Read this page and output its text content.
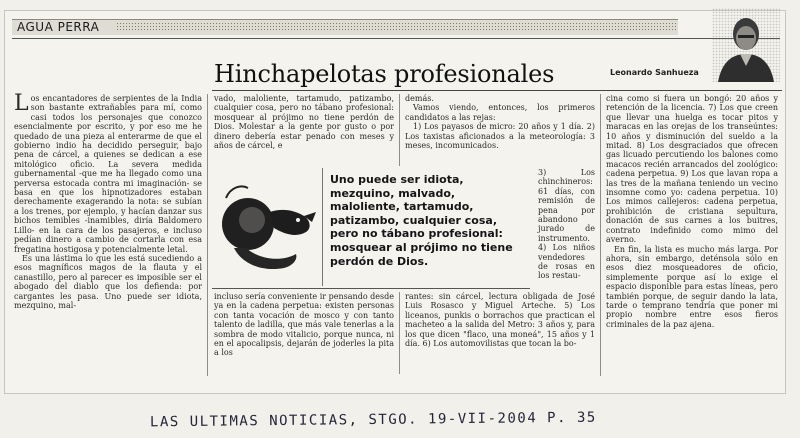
AGUA PERRA
Hinchapelotas profesionales	Leonardo Sanhueza

Los encantadores de serpientes de la India son bastante extrañables para mí, como casi todos los personajes que conozco esencialmente por escrito, y por eso me he quedado de una pieza al enterarme de que el gobierno indio ha decidido perseguir, bajo pena de cárcel, a quienes se dedican a ese mitológico oficio. La severa medida gubernamental -que me ha llegado como una perversa estocada contra mi imaginación- se basa en que los hipnotizadores estaban derechamente exagerando la nota: se subían a los trenes, por ejemplo, y hacían danzar sus bichos temibles -inamibles, diría Baldomero Lillo- en la cara de los pasajeros, e incluso pedían dinero a cambio de cortarla con esa fregatina hostigosa y potencialmente letal.

Es una lástima lo que les está sucediendo a esos magníficos magos de la flauta y el canastillo, pero al parecer es imposible ser el abogado del diablo que los defienda: por cargantes les pasa. Uno puede ser idiota, mezquino, mal-

vado, maloliente, tartamudo, patizambo, cualquier cosa, pero no tábano profesional: mosquear al prójimo no tiene perdón de Dios. Molestar a la gente por gusto o por dinero debería estar penado con meses y años de cárcel, e

demás.

Vamos viendo, entonces, los primeros candidatos a las rejas:

1) Los payasos de micro: 20 años y 1 día. 2) Los taxistas aficionados a la meteorología: 3 meses, incomunicados.

Uno puede ser idiota, mezquino, malvado, maloliente, tartamudo, patizambo, cualquier cosa, pero no tábano profesional: mosquear al prójimo no tiene perdón de Dios.

3) Los chinchineros: 61 días, con remisión de pena por abandono jurado de instrumento. 4) Los niños vendedores de rosas en los restau-

incluso sería conveniente ir pensando desde ya en la cadena perpetua: existen personas con tanta vocación de mosco y con tanto talento de ladilla, que más vale tenerlas a la sombra de modo vitalicio, porque nunca, ni en el apocalipsis, dejarán de joderles la pita a los

rantes: sin cárcel, lectura obligada de José Luis Rosasco y Miguel Arteche. 5) Los liceanos, punkis o borrachos que practican el macheteo a la salida del Metro: 3 años y, para los que dicen "flaco, una moneá", 15 años y 1 día. 6) Los automovilistas que tocan la bo-

cina como si fuera un bongó: 20 años y retención de la licencia. 7) Los que creen que llevar una huelga es tocar pitos y maracas en las orejas de los transeúntes: 10 años y disminución del sueldo a la mitad. 8) Los desgraciados que ofrecen gas licuado percutiendo los balones como macacos recién arrancados del zoológico: cadena perpetua. 9) Los que lavan ropa a las tres de la mañana teniendo un vecino insomne como yo: cadena perpetua. 10) Los mimos callejeros: cadena perpetua, prohibición de cristiana sepultura, donación de sus carnes a los buitres, contrato indefinido como mimo del averno.

En fin, la lista es mucho más larga. Por ahora, sin embargo, deténsola sólo en esos diez mosqueadores de oficio, simplemente porque así lo exige el espacio disponible para estas líneas, pero también porque, de seguir dando la lata, tarde o temprano tendría que poner mi propio nombre entre esos fieros criminales de la paz ajena.

LAS ULTIMAS NOTICIAS, STGO. 19-VII-2004 P. 35
